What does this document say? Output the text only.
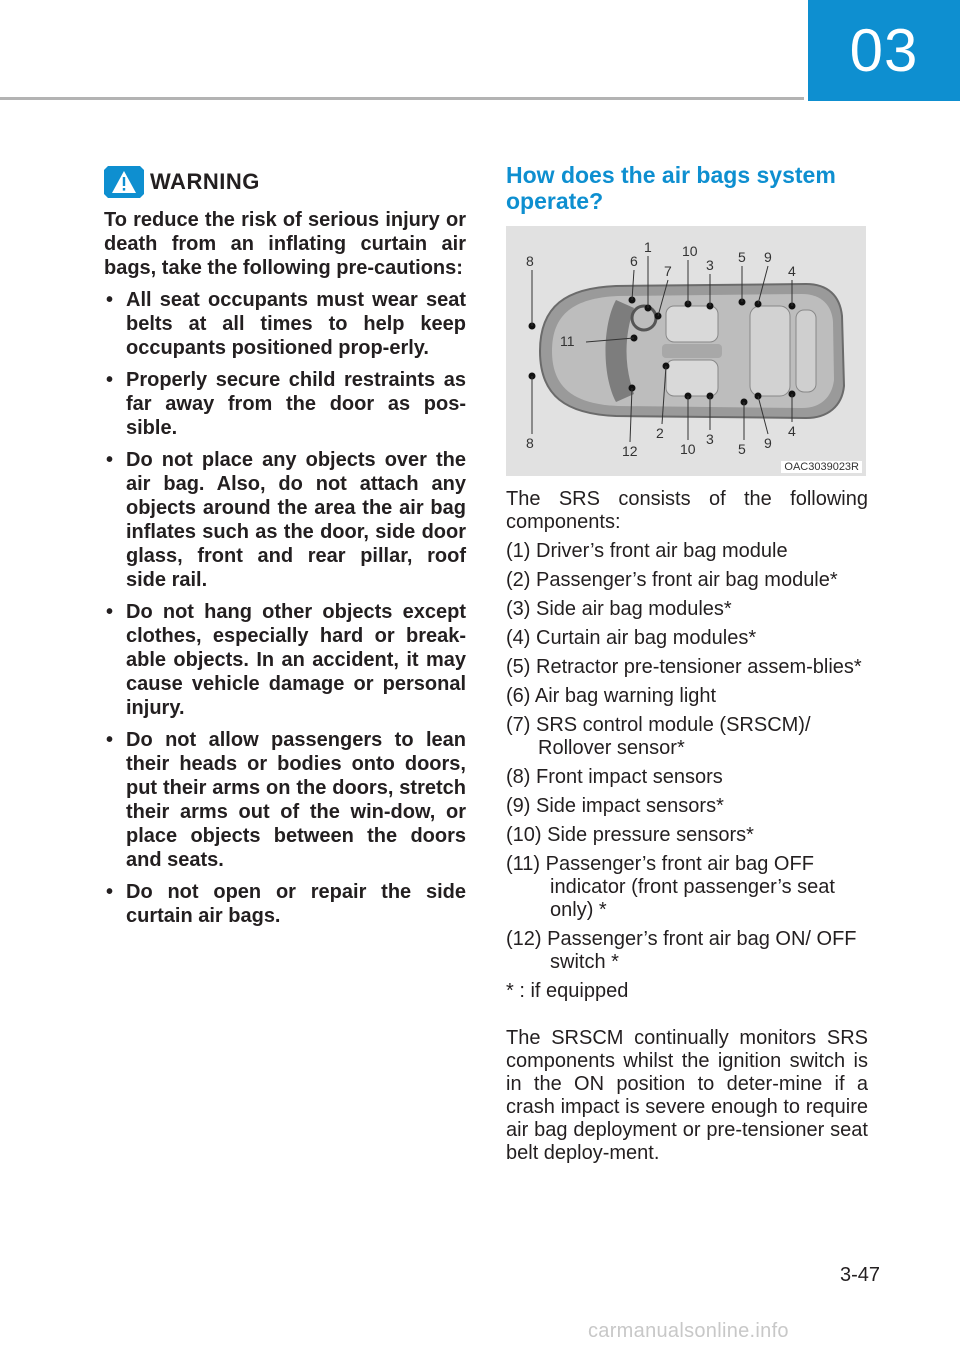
03
WARNING
To reduce the risk of serious injury or death from an inflating curtain air bags, take the following pre-cautions:
• All seat occupants must wear seat belts at all times to help keep occupants positioned prop-erly.
• Properly secure child restraints as far away from the door as pos-sible.
• Do not place any objects over the air bag. Also, do not attach any objects around the area the air bag inflates such as the door, side door glass, front and rear pillar, roof side rail.
• Do not hang other objects except clothes, especially hard or break-able objects. In an accident, it may cause vehicle damage or personal injury.
• Do not allow passengers to lean their heads or bodies onto doors, put their arms on the doors, stretch their arms out of the win-dow, or place objects between the doors and seats.
• Do not open or repair the side curtain air bags.
How does the air bags system operate?
8	6
1
7
10
3 5 9
4
11
8	12
2
10
3
5 9
4
OAC3039023R
The SRS consists of the following components:
(1) Driver’s front air bag module
(2) Passenger’s front air bag module*
(3) Side air bag modules*
(4) Curtain air bag modules*
(5) Retractor pre-tensioner assem-blies*
(6) Air bag warning light
(7) SRS control module (SRSCM)/ Rollover sensor*
(8) Front impact sensors
(9) Side impact sensors*
(10) Side pressure sensors*
(11) Passenger’s front air bag OFF indicator (front passenger’s seat only) *
(12) Passenger’s front air bag ON/ OFF switch *
* : if equipped
The SRSCM continually monitors SRS components whilst the ignition switch is in the ON position to deter-mine if a crash impact is severe enough to require air bag deployment or pre-tensioner seat belt deploy-ment.
3-47
carmanualsonline.info
